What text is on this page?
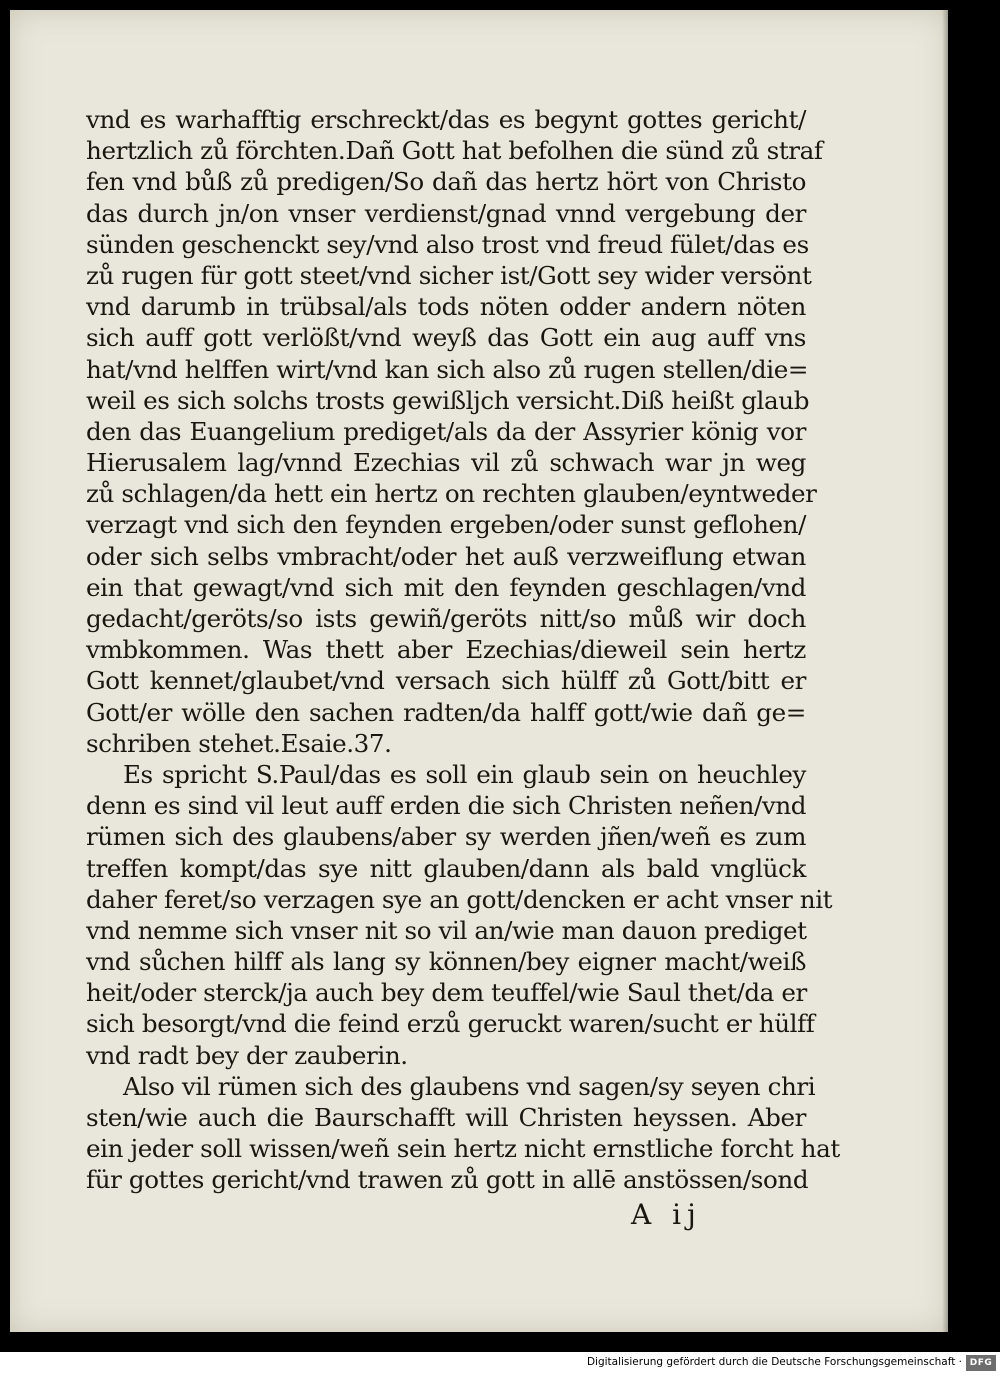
vnd es warhafftig erschreckt/das es begynt gottes gericht/
hertzlich zů förchten.Dañ Gott hat befolhen die sünd zů straf
fen vnd bůß zů predigen/So dañ das hertz hört von Christo
das durch jn/on vnser verdienst/gnad vnnd vergebung der
sünden geschenckt sey/vnd also trost vnd freud fület/das es
zů rugen für gott steet/vnd sicher ist/Gott sey wider versönt
vnd darumb in trübsal/als tods nöten odder andern nöten
sich auff gott verlößt/vnd weyß das Gott ein aug auff vns
hat/vnd helffen wirt/vnd kan sich also zů rugen stellen/die=
weil es sich solchs trosts gewißljch versicht.Diß heißt glaub
den das Euangelium prediget/als da der Assyrier könig vor
Hierusalem lag/vnnd Ezechias vil zů schwach war jn weg
zů schlagen/da hett ein hertz on rechten glauben/eyntweder
verzagt vnd sich den feynden ergeben/oder sunst geflohen/
oder sich selbs vmbracht/oder het auß verzweiflung etwan
ein that gewagt/vnd sich mit den feynden geschlagen/vnd
gedacht/geröts/so ists gewiñ/geröts nitt/so můß wir doch
vmbkommen. Was thett aber Ezechias/dieweil sein hertz
Gott kennet/glaubet/vnd versach sich hülff zů Gott/bitt er
Gott/er wölle den sachen radten/da halff gott/wie dañ ge=
schriben stehet.Esaie.37.
Es spricht S.Paul/das es soll ein glaub sein on heuchley
denn es sind vil leut auff erden die sich Christen neñen/vnd
rümen sich des glaubens/aber sy werden jñen/weñ es zum
treffen kompt/das sye nitt glauben/dann als bald vnglück
daher feret/so verzagen sye an gott/dencken er acht vnser nit
vnd nemme sich vnser nit so vil an/wie man dauon prediget
vnd sůchen hilff als lang sy können/bey eigner macht/weiß
heit/oder sterck/ja auch bey dem teuffel/wie Saul thet/da er
sich besorgt/vnd die feind erzů geruckt waren/sucht er hülff
vnd radt bey der zauberin.
Also vil rümen sich des glaubens vnd sagen/sy seyen chri
sten/wie auch die Baurschafft will Christen heyssen. Aber
ein jeder soll wissen/weñ sein hertz nicht ernstliche forcht hat
für gottes gericht/vnd trawen zů gott in allē anstössen/sond
A ij
Digitalisierung gefördert durch die Deutsche Forschungsgemeinschaft · DFG
